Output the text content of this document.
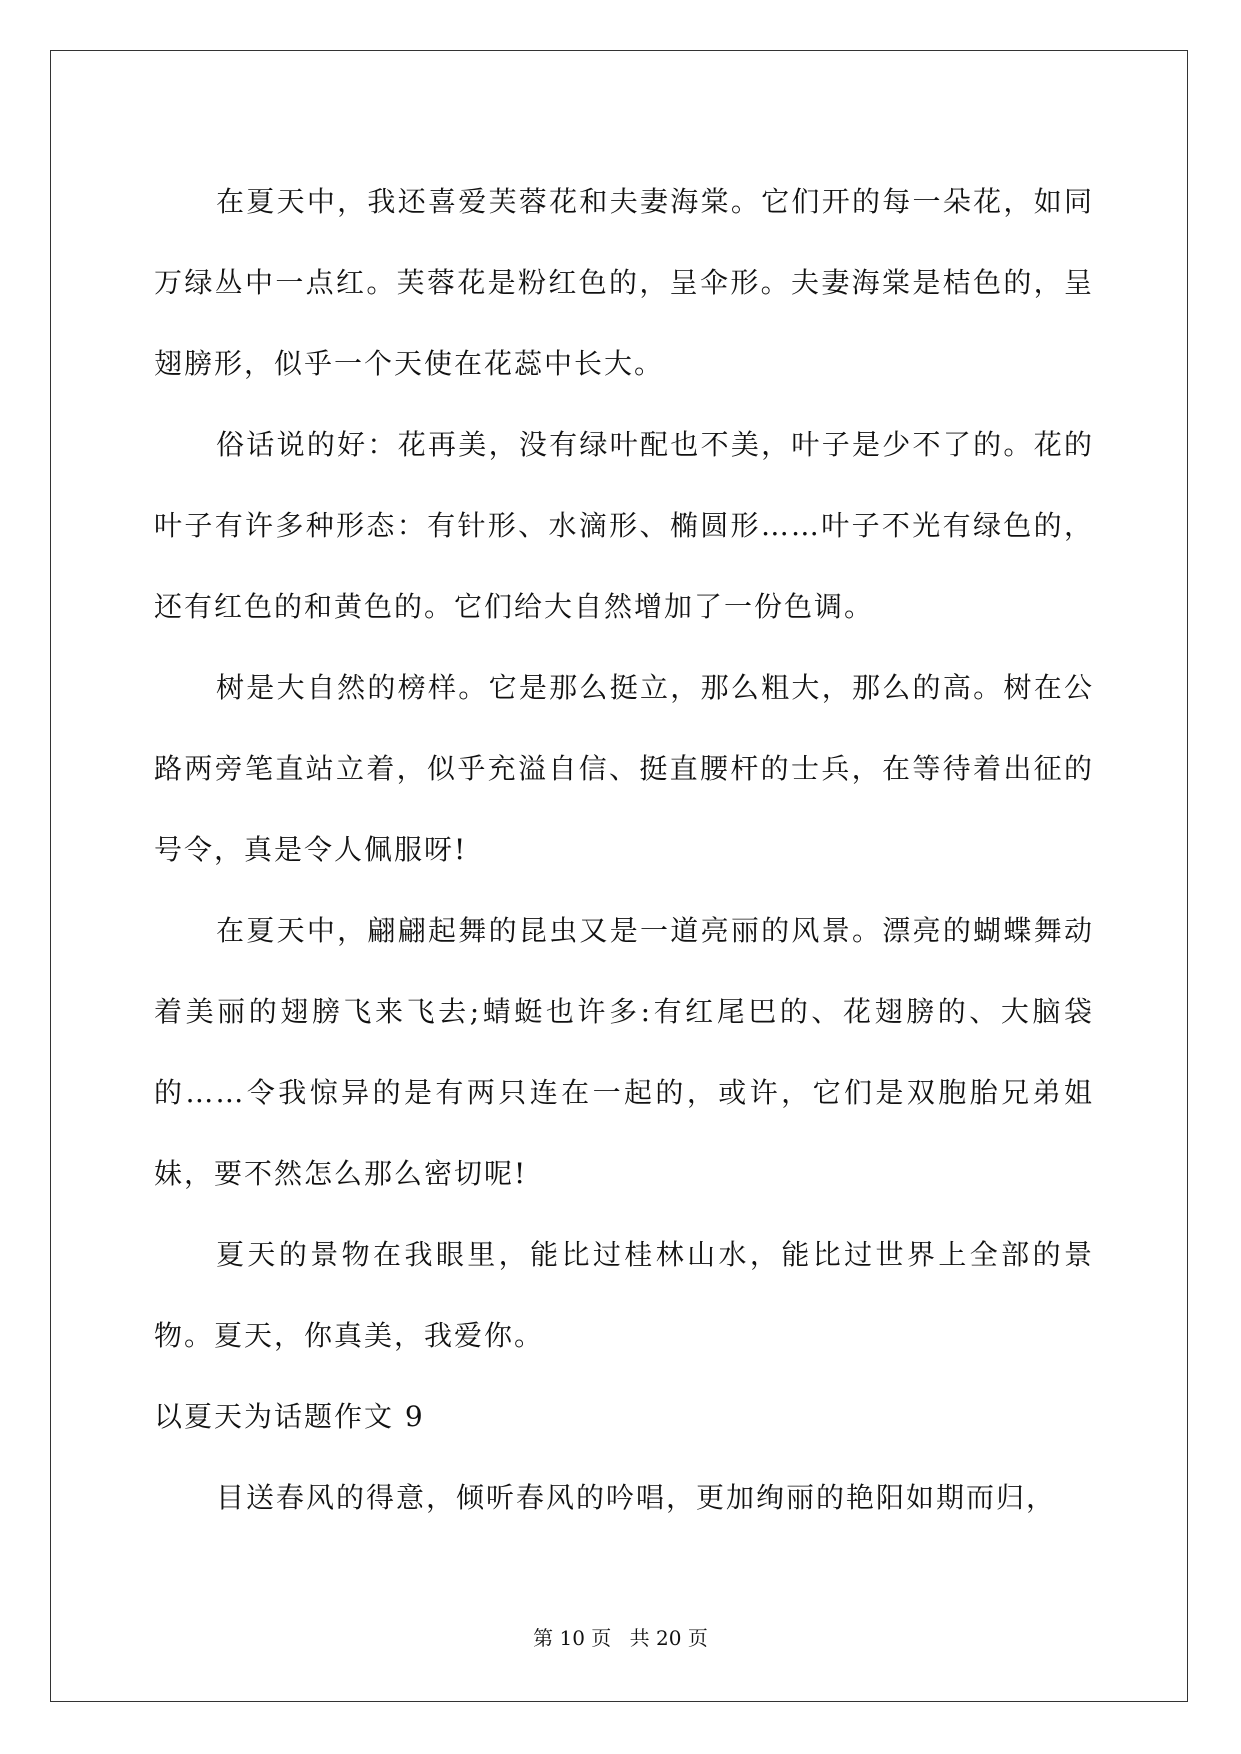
在夏天中，我还喜爱芙蓉花和夫妻海棠。它们开的每一朵花，如同万绿丛中一点红。芙蓉花是粉红色的，呈伞形。夫妻海棠是桔色的，呈翅膀形，似乎一个天使在花蕊中长大。

俗话说的好：花再美，没有绿叶配也不美，叶子是少不了的。花的叶子有许多种形态：有针形、水滴形、椭圆形……叶子不光有绿色的，还有红色的和黄色的。它们给大自然增加了一份色调。

树是大自然的榜样。它是那么挺立，那么粗大，那么的高。树在公路两旁笔直站立着，似乎充溢自信、挺直腰杆的士兵，在等待着出征的号令，真是令人佩服呀!

在夏天中，翩翩起舞的昆虫又是一道亮丽的风景。漂亮的蝴蝶舞动着美丽的翅膀飞来飞去;蜻蜓也许多:有红尾巴的、花翅膀的、大脑袋的……令我惊异的是有两只连在一起的，或许，它们是双胞胎兄弟姐妹，要不然怎么那么密切呢!

夏天的景物在我眼里，能比过桂林山水，能比过世界上全部的景物。夏天，你真美，我爱你。

以夏天为话题作文 9

目送春风的得意，倾听春风的吟唱，更加绚丽的艳阳如期而归，

第 10 页 共 20 页
